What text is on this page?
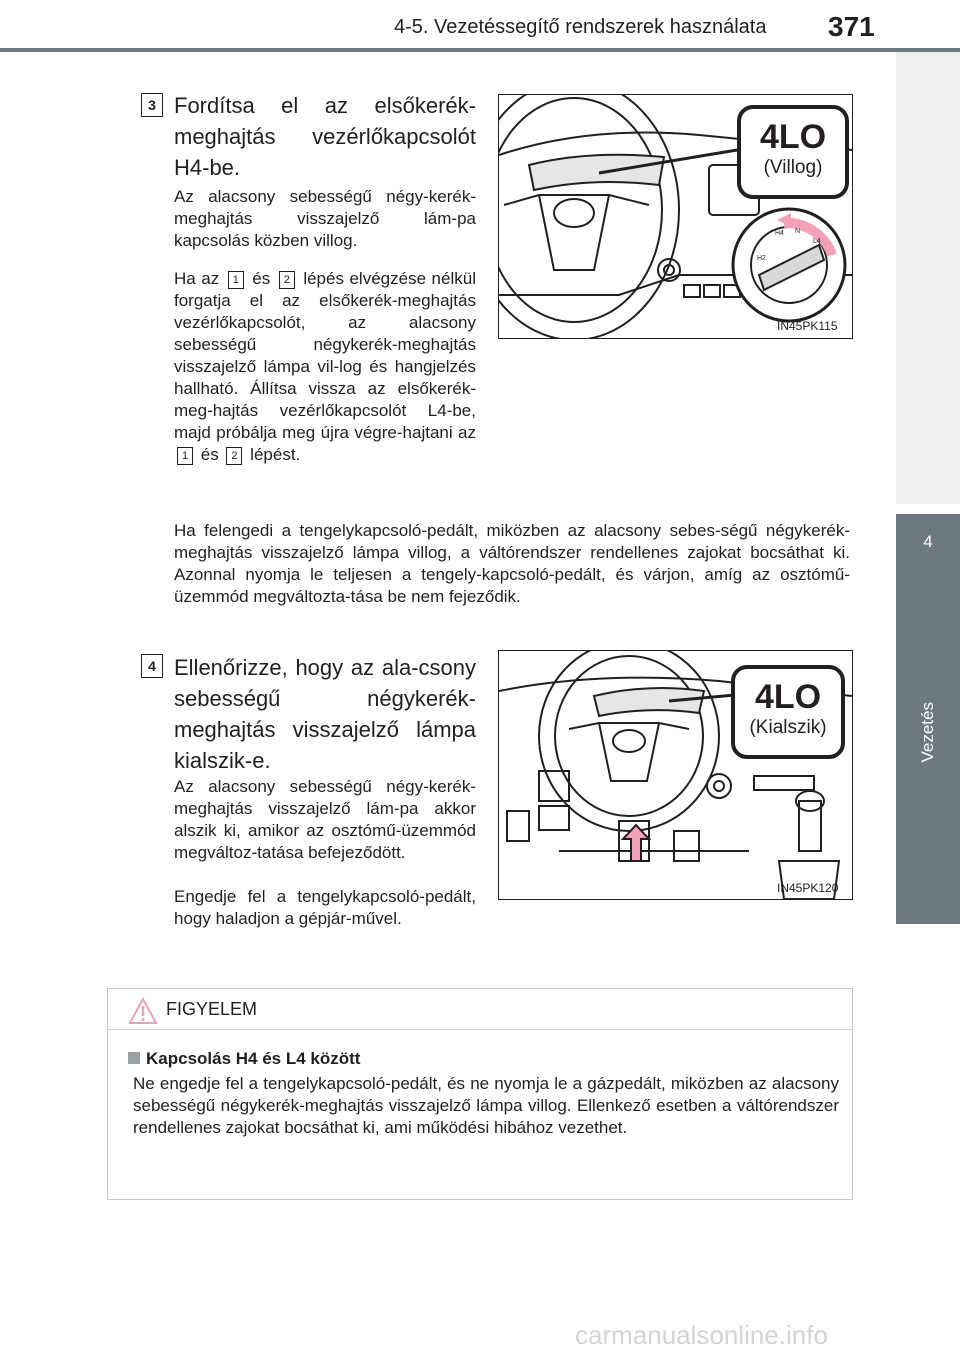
4-5. Vezetéssegítő rendszerek használata 371
4
Vezetés
3 Fordítsa el az elsőkerék-meghajtás vezérlőkapcsolót H4-be.
Az alacsony sebességű négy-kerék-meghajtás visszajelző lám-pa kapcsolás közben villog.
Ha az 1 és 2 lépés elvégzése nélkül forgatja el az elsőkerék-meghajtás vezérlőkapcsolót, az alacsony sebességű négykerék-meghajtás visszajelző lámpa vil-log és hangjelzés hallható. Állítsa vissza az elsőkerék-meg-hajtás vezérlőkapcsolót L4-be, majd próbálja meg újra végre-hajtani az 1 és 2 lépést.
Ha felengedi a tengelykapcsoló-pedált, miközben az alacsony sebes-ségű négykerék-meghajtás visszajelző lámpa villog, a váltórendszer rendellenes zajokat bocsáthat ki. Azonnal nyomja le teljesen a tengely-kapcsoló-pedált, és várjon, amíg az osztómű-üzemmód megváltozta-tása be nem fejeződik.
H2
H4 N
L4
4LO
(Villog)
IN45PK115
4 Ellenőrizze, hogy az ala-csony sebességű négykerék-meghajtás visszajelző lámpa kialszik-e.
Az alacsony sebességű négy-kerék-meghajtás visszajelző lám-pa akkor alszik ki, amikor az osztómű-üzemmód megváltoz-tatása befejeződött.
Engedje fel a tengelykapcsoló-pedált, hogy haladjon a gépjár-művel.
4LO
(Kialszik)
IN45PK120
FIGYELEM
Kapcsolás H4 és L4 között
Ne engedje fel a tengelykapcsoló-pedált, és ne nyomja le a gázpedált, miközben az alacsony sebességű négykerék-meghajtás visszajelző lámpa villog. Ellenkező esetben a váltórendszer rendellenes zajokat bocsáthat ki, ami működési hibához vezethet.
carmanualsonline.info
